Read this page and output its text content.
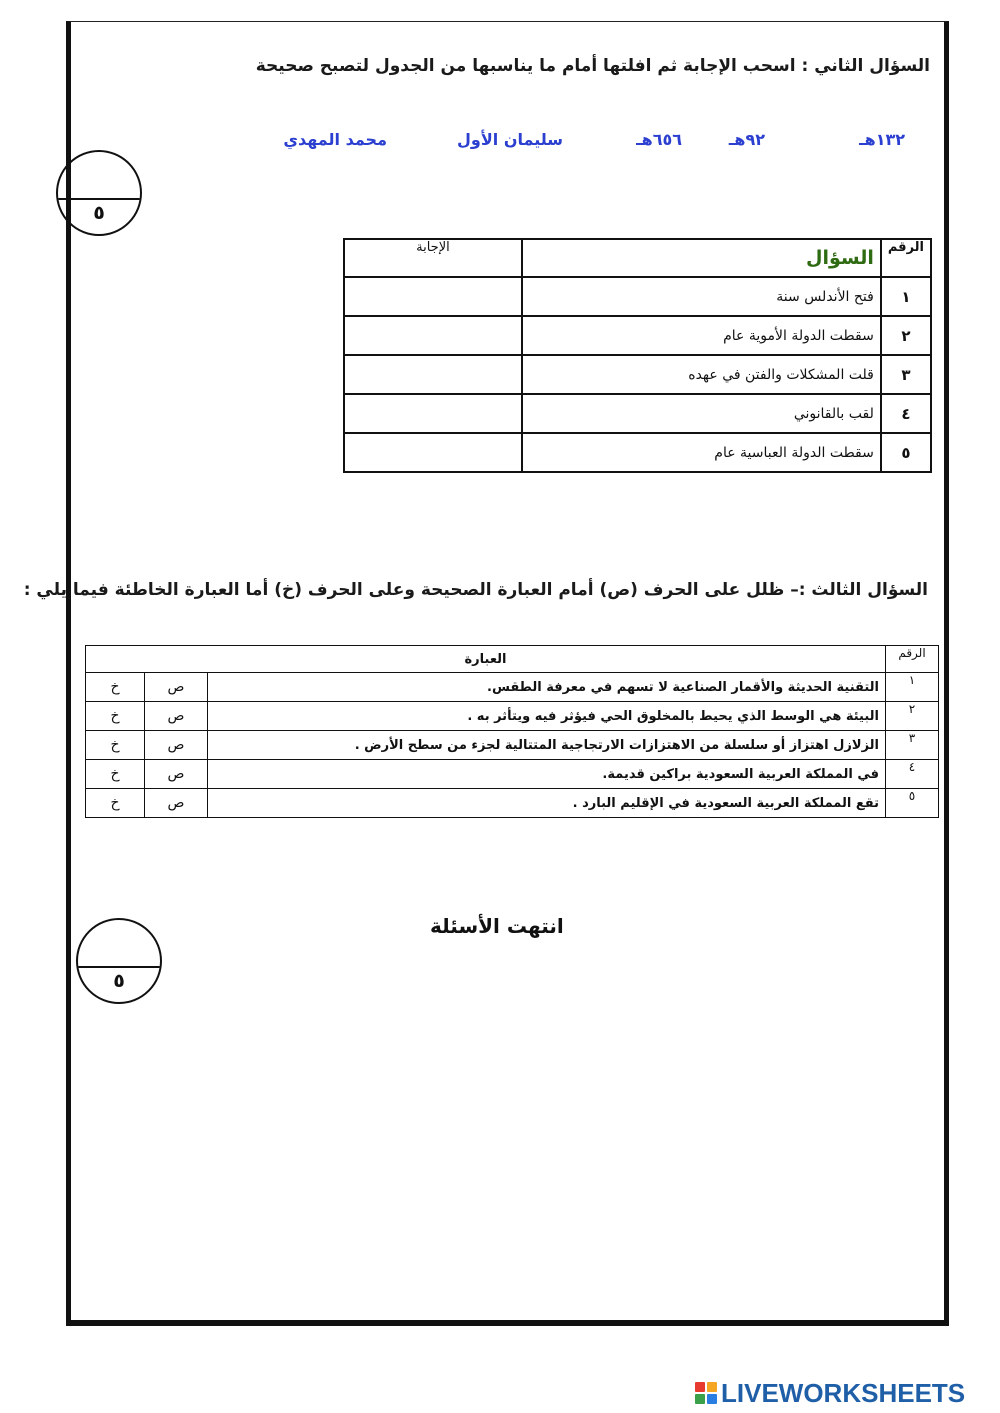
السؤال الثاني : اسحب الإجابة ثم افلتها أمام ما يناسبها من الجدول لتصبح صحيحة
١٣٢هـ
٩٢هـ
٦٥٦هـ
سليمان الأول
محمد المهدي
٥
الرقم	السؤال	الإجابة
١	فتح الأندلس سنة	
٢	سقطت الدولة الأموية عام	
٣	قلت المشكلات والفتن في عهده	
٤	لقب بالقانوني	
٥	سقطت الدولة العباسية عام	
السؤال الثالث :– ظلل على الحرف (ص) أمام العبارة الصحيحة وعلى الحرف (خ) أما العبارة الخاطئة فيما يلي :
الرقم	العبارة		
١	التقنية الحديثة والأقمار الصناعية لا تسهم في معرفة الطقس.	ص	خ
٢	البيئة هي الوسط الذي يحيط بالمخلوق الحي فيؤثر فيه ويتأثر به .	ص	خ
٣	الزلازل اهتزاز أو سلسلة من الاهتزازات الارتجاجية المتتالية لجزء من سطح الأرض .	ص	خ
٤	في المملكة العربية السعودية براكين قديمة.	ص	خ
٥	تقع المملكة العربية السعودية في الإقليم البارد .	ص	خ
انتهت الأسئلة
٥
LIVEWORKSHEETS
